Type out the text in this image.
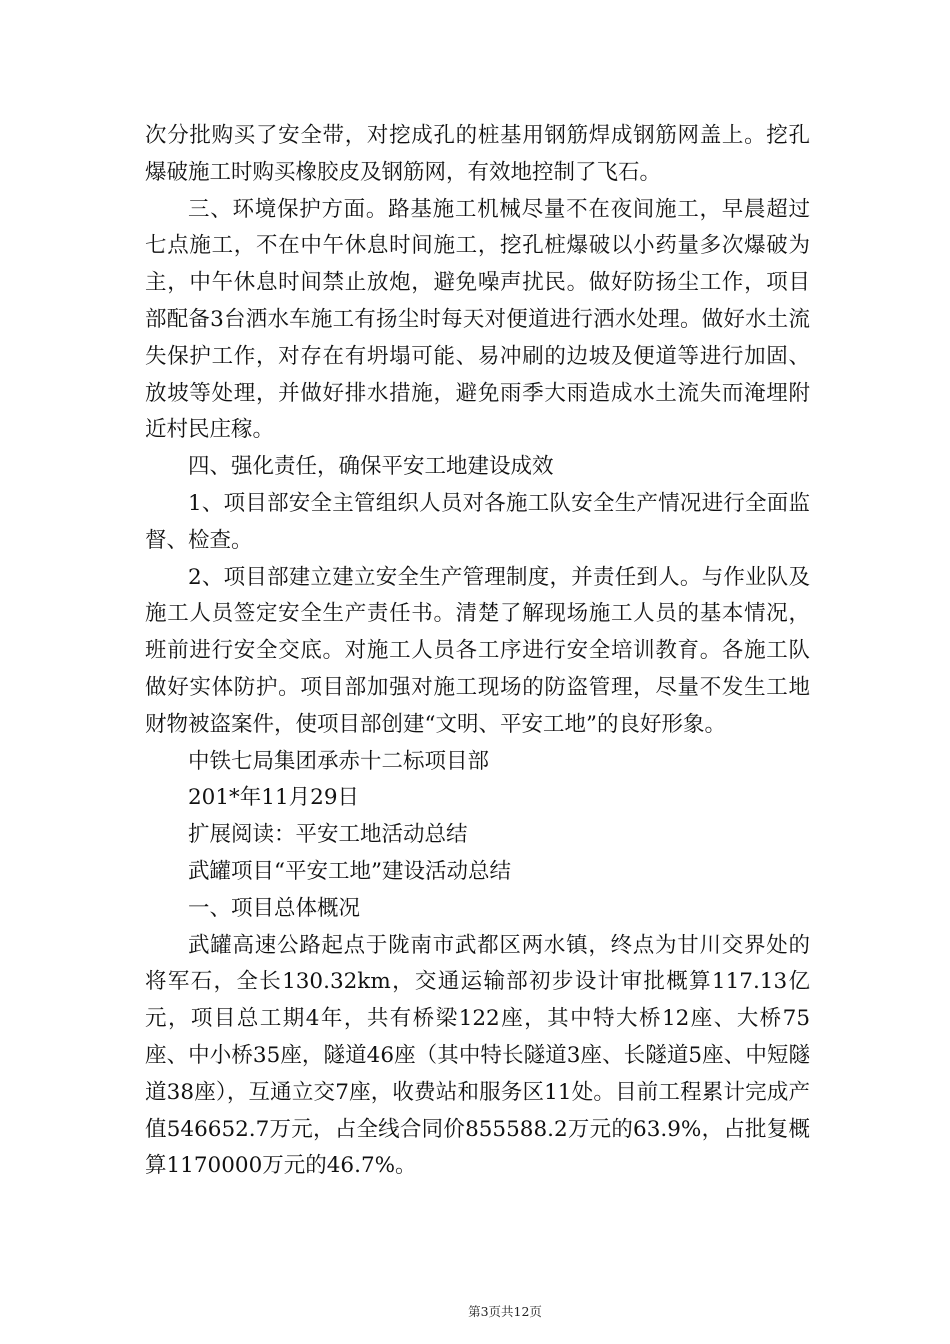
次分批购买了安全带，对挖成孔的桩基用钢筋焊成钢筋网盖上。挖孔爆破施工时购买橡胶皮及钢筋网，有效地控制了飞石。

三、环境保护方面。路基施工机械尽量不在夜间施工，早晨超过七点施工，不在中午休息时间施工，挖孔桩爆破以小药量多次爆破为主，中午休息时间禁止放炮，避免噪声扰民。做好防扬尘工作，项目部配备3台洒水车施工有扬尘时每天对便道进行洒水处理。做好水土流失保护工作，对存在有坍塌可能、易冲刷的边坡及便道等进行加固、放坡等处理，并做好排水措施，避免雨季大雨造成水土流失而淹埋附近村民庄稼。

四、强化责任，确保平安工地建设成效

1、项目部安全主管组织人员对各施工队安全生产情况进行全面监督、检查。

2、项目部建立建立安全生产管理制度，并责任到人。与作业队及施工人员签定安全生产责任书。清楚了解现场施工人员的基本情况，班前进行安全交底。对施工人员各工序进行安全培训教育。各施工队做好实体防护。项目部加强对施工现场的防盗管理，尽量不发生工地财物被盗案件，使项目部创建“文明、平安工地”的良好形象。

中铁七局集团承赤十二标项目部

201*年11月29日

扩展阅读：平安工地活动总结

武罐项目“平安工地”建设活动总结

一、项目总体概况

武罐高速公路起点于陇南市武都区两水镇，终点为甘川交界处的将军石，全长130.32km，交通运输部初步设计审批概算117.13亿元，项目总工期4年，共有桥梁122座，其中特大桥12座、大桥75座、中小桥35座，隧道46座（其中特长隧道3座、长隧道5座、中短隧道38座），互通立交7座，收费站和服务区11处。目前工程累计完成产值546652.7万元，占全线合同价855588.2万元的63.9%，占批复概算1170000万元的46.7%。

第3页共12页
